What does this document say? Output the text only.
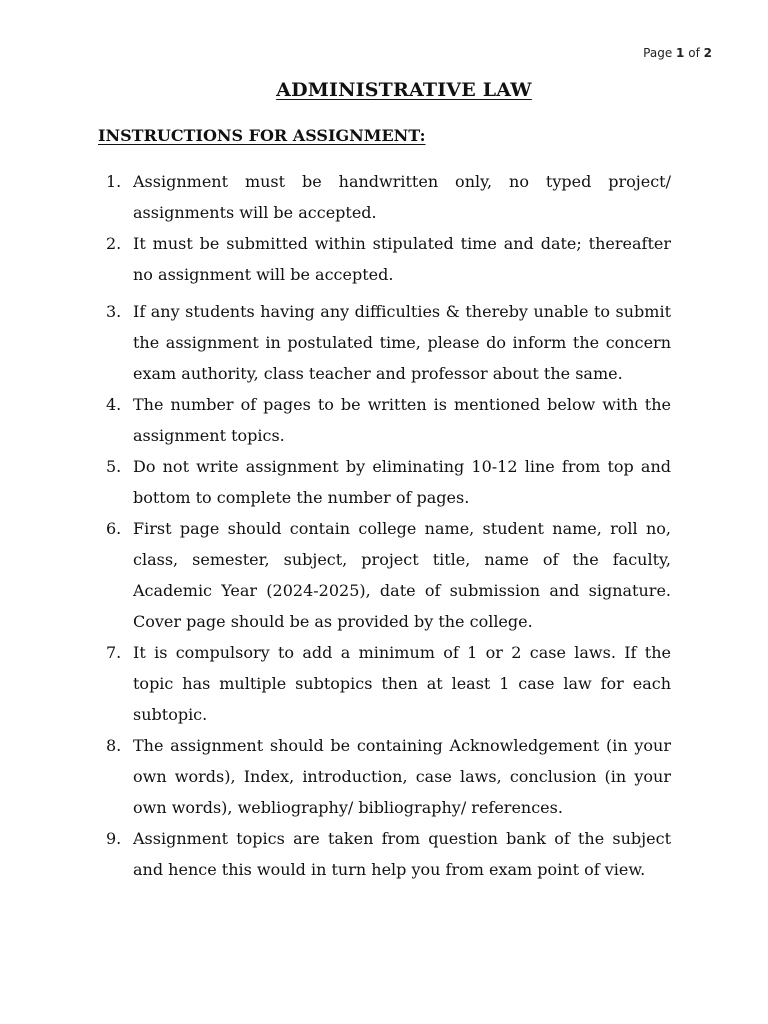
Page 1 of 2
ADMINISTRATIVE LAW
INSTRUCTIONS FOR ASSIGNMENT:
1. Assignment must be handwritten only, no typed project/ assignments will be accepted.
2. It must be submitted within stipulated time and date; thereafter no assignment will be accepted.
3. If any students having any difficulties & thereby unable to submit the assignment in postulated time, please do inform the concern exam authority, class teacher and professor about the same.
4. The number of pages to be written is mentioned below with the assignment topics.
5. Do not write assignment by eliminating 10-12 line from top and bottom to complete the number of pages.
6. First page should contain college name, student name, roll no, class, semester, subject, project title, name of the faculty, Academic Year (2024-2025), date of submission and signature. Cover page should be as provided by the college.
7. It is compulsory to add a minimum of 1 or 2 case laws. If the topic has multiple subtopics then at least 1 case law for each subtopic.
8. The assignment should be containing Acknowledgement (in your own words), Index, introduction, case laws, conclusion (in your own words), webliography/ bibliography/ references.
9. Assignment topics are taken from question bank of the subject and hence this would in turn help you from exam point of view.
